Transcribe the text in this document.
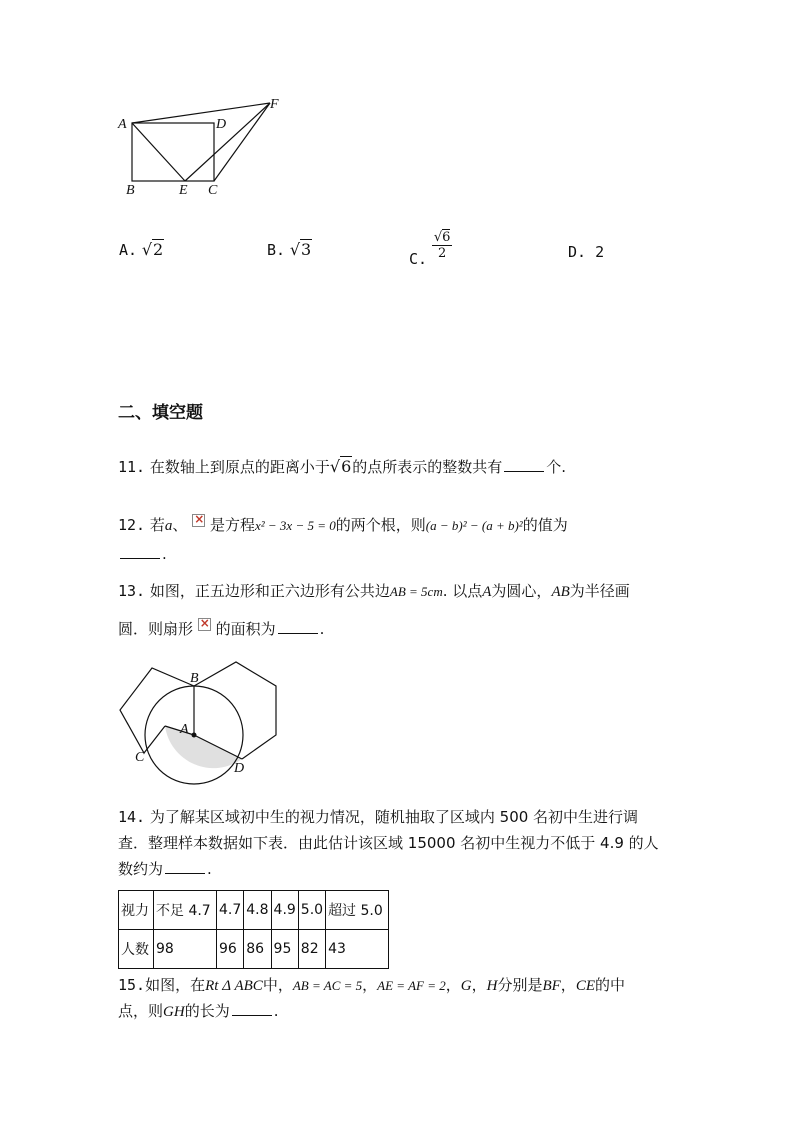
A	D
F
B	E C
A. √2	B. √3	C. $\frac{√6}{2}$	D. 2
二、填空题
11. 在数轴上到原点的距离小于√6的点所表示的整数共有	个.
12. 若a、 × 是方程x² − 3x − 5 = 0的两个根，则(a − b)² − (a + b)²的值为
.
13. 如图，正五边形和正六边形有公共边AB = 5cm. 以点A为圆心，AB为半径画
圆．则扇形 × 的面积为	.
B
A
C
D
14. 为了解某区域初中生的视力情况，随机抽取了区域内 500 名初中生进行调
查．整理样本数据如下表．由此估计该区域 15000 名初中生视力不低于 4.9 的人
数约为	.
视力	不足 4.7	4.7	4.8	4.9	5.0	超过 5.0
人数	98	96	86	95	82	43
15.如图，在Rt Δ ABC中，AB = AC = 5，AE = AF = 2，G，H分别是BF，CE的中
点，则GH的长为	.
